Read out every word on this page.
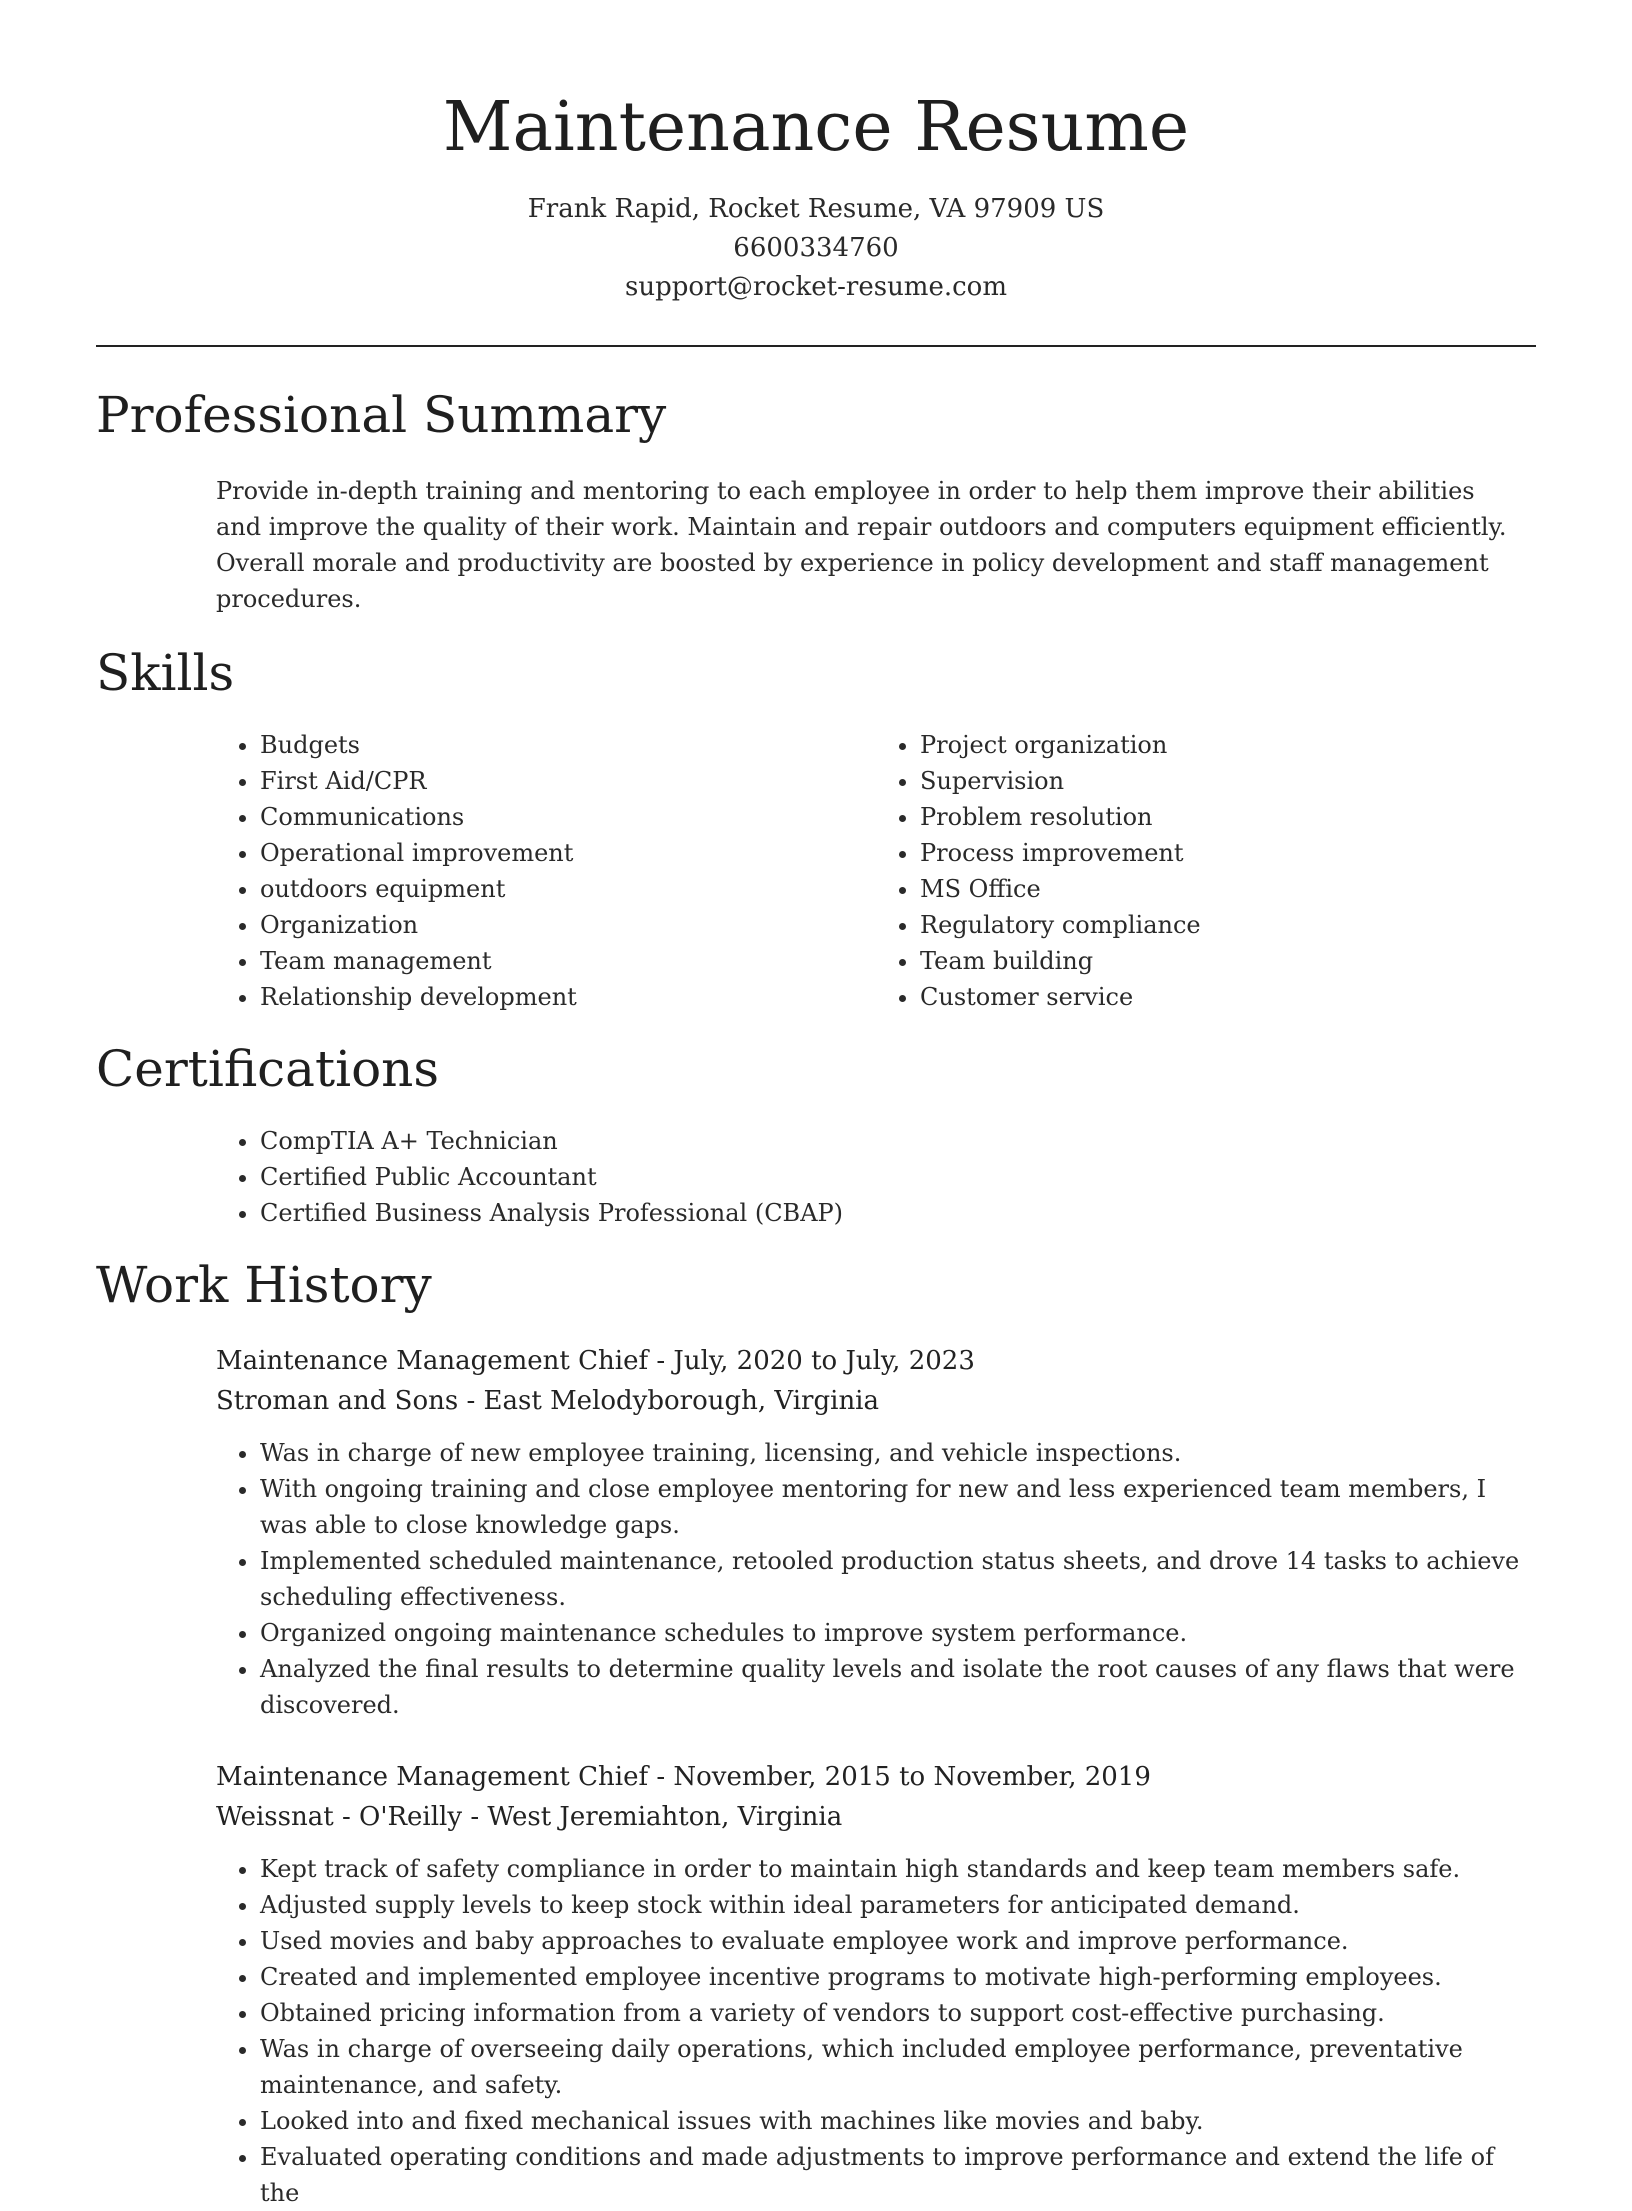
Maintenance Resume
Frank Rapid, Rocket Resume, VA 97909 US
6600334760
support@rocket-resume.com
Professional Summary

Provide in-depth training and mentoring to each employee in order to help them improve their abilities and improve the quality of their work. Maintain and repair outdoors and computers equipment efficiently. Overall morale and productivity are boosted by experience in policy development and staff management procedures.

Skills
• Budgets
• First Aid/CPR
• Communications
• Operational improvement
• outdoors equipment
• Organization
• Team management
• Relationship development
• Project organization
• Supervision
• Problem resolution
• Process improvement
• MS Office
• Regulatory compliance
• Team building
• Customer service
Certifications
• CompTIA A+ Technician
• Certified Public Accountant
• Certified Business Analysis Professional (CBAP)
Work History
Maintenance Management Chief - July, 2020 to July, 2023
Stroman and Sons - East Melodyborough, Virginia
• Was in charge of new employee training, licensing, and vehicle inspections.
• With ongoing training and close employee mentoring for new and less experienced team members, I was able to close knowledge gaps.
• Implemented scheduled maintenance, retooled production status sheets, and drove 14 tasks to achieve scheduling effectiveness.
• Organized ongoing maintenance schedules to improve system performance.
• Analyzed the final results to determine quality levels and isolate the root causes of any flaws that were discovered.
Maintenance Management Chief - November, 2015 to November, 2019
Weissnat - O'Reilly - West Jeremiahton, Virginia
• Kept track of safety compliance in order to maintain high standards and keep team members safe.
• Adjusted supply levels to keep stock within ideal parameters for anticipated demand.
• Used movies and baby approaches to evaluate employee work and improve performance.
• Created and implemented employee incentive programs to motivate high-performing employees.
• Obtained pricing information from a variety of vendors to support cost-effective purchasing.
• Was in charge of overseeing daily operations, which included employee performance, preventative maintenance, and safety.
• Looked into and fixed mechanical issues with machines like movies and baby.
• Evaluated operating conditions and made adjustments to improve performance and extend the life of the
